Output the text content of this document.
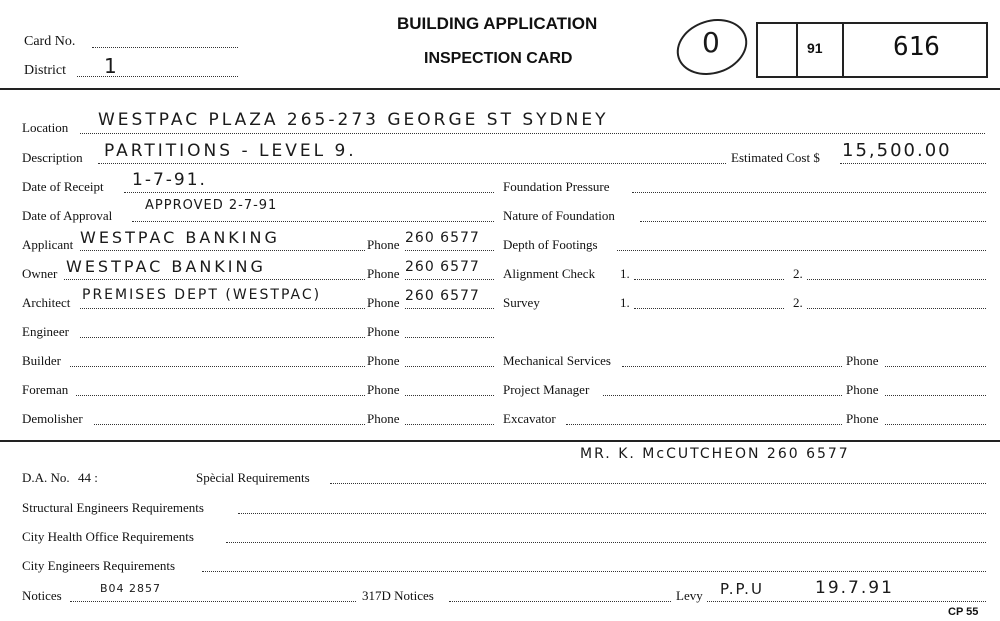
Card No.
District 1
BUILDING APPLICATION
INSPECTION CARD	0	91	616
Location WESTPAC PLAZA 265-273 GEORGE ST SYDNEY
Description PARTITIONS - LEVEL 9.	Estimated Cost $ 15,500.00
Date of Receipt 1-7-91.
Date of Approval
APPROVED 2-7-91
Applicant WESTPAC BANKING	Phone 260 6577
Owner WESTPAC BANKING	Phone 260 6577
Architect PREMISES DEPT (WESTPAC)	Phone 260 6577
Engineer	Phone
Builder	Phone
Foreman	Phone
Demolisher	Phone
Foundation Pressure
Nature of Foundation
Depth of Footings
Alignment Check 1.	2.
Survey	1.	2.
Mechanical Services	Phone
Project Manager	Phone
Excavator	Phone
MR. K. McCUTCHEON 260 6577
D.A. No. 44 :	Spècial Requirements
Structural Engineers Requirements
City Health Office Requirements
City Engineers Requirements
Notices	B04 2857	317D Notices	Levy P.P.U	19.7.91
CP 55
